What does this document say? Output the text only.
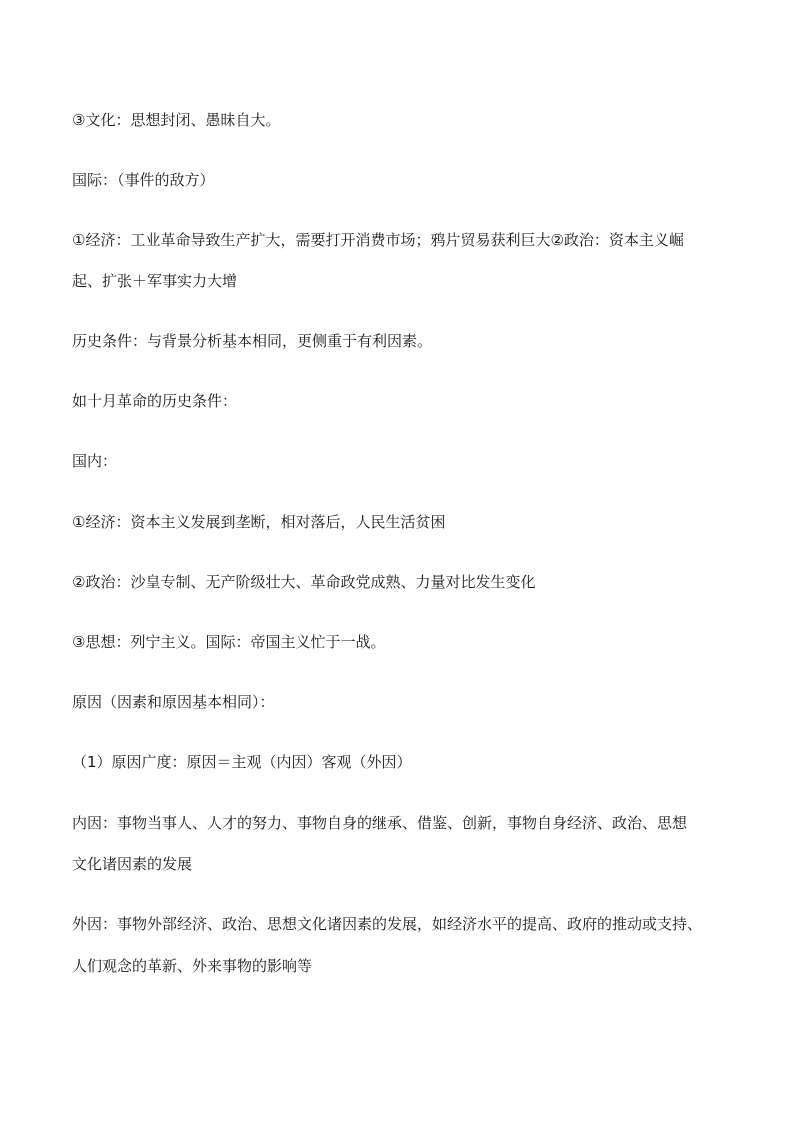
③文化：思想封闭、愚昧自大。
国际：（事件的敌方）
①经济：工业革命导致生产扩大，需要打开消费市场；鸦片贸易获利巨大②政治：资本主义崛
起、扩张＋军事实力大增
历史条件：与背景分析基本相同，更侧重于有利因素。
如十月革命的历史条件：
国内：
①经济：资本主义发展到垄断，相对落后，人民生活贫困
②政治：沙皇专制、无产阶级壮大、革命政党成熟、力量对比发生变化
③思想：列宁主义。国际：帝国主义忙于一战。
原因（因素和原因基本相同）：
（1）原因广度：原因＝主观（内因）客观（外因）
内因：事物当事人、人才的努力、事物自身的继承、借鉴、创新，事物自身经济、政治、思想
文化诸因素的发展
外因：事物外部经济、政治、思想文化诸因素的发展，如经济水平的提高、政府的推动或支持、
人们观念的革新、外来事物的影响等
